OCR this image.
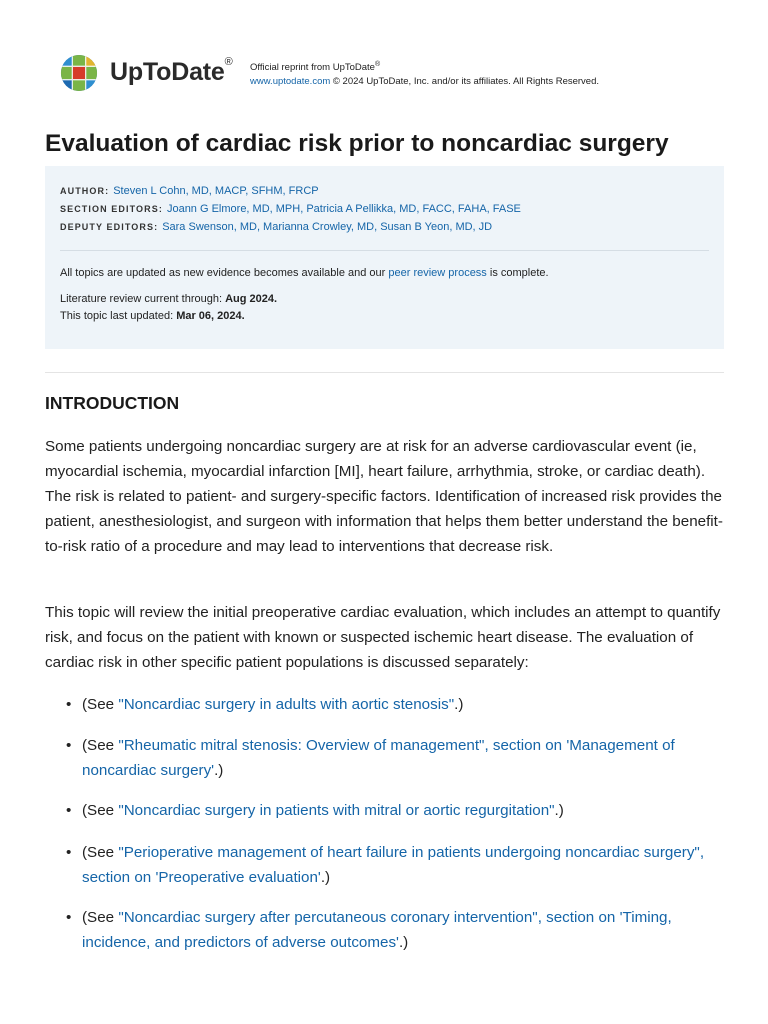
UpToDate® Official reprint from UpToDate®
www.uptodate.com © 2024 UpToDate, Inc. and/or its affiliates. All Rights Reserved.
Evaluation of cardiac risk prior to noncardiac surgery
AUTHOR: Steven L Cohn, MD, MACP, SFHM, FRCP
SECTION EDITORS: Joann G Elmore, MD, MPH, Patricia A Pellikka, MD, FACC, FAHA, FASE
DEPUTY EDITORS: Sara Swenson, MD, Marianna Crowley, MD, Susan B Yeon, MD, JD
All topics are updated as new evidence becomes available and our peer review process is complete.
Literature review current through: Aug 2024.
This topic last updated: Mar 06, 2024.
INTRODUCTION

Some patients undergoing noncardiac surgery are at risk for an adverse cardiovascular event (ie, myocardial ischemia, myocardial infarction [MI], heart failure, arrhythmia, stroke, or cardiac death). The risk is related to patient- and surgery-specific factors. Identification of increased risk provides the patient, anesthesiologist, and surgeon with information that helps them better understand the benefit-to-risk ratio of a procedure and may lead to interventions that decrease risk.

This topic will review the initial preoperative cardiac evaluation, which includes an attempt to quantify risk, and focus on the patient with known or suspected ischemic heart disease. The evaluation of cardiac risk in other specific patient populations is discussed separately:

• (See "Noncardiac surgery in adults with aortic stenosis".)
• (See "Rheumatic mitral stenosis: Overview of management", section on 'Management of noncardiac surgery'.)
• (See "Noncardiac surgery in patients with mitral or aortic regurgitation".)
• (See "Perioperative management of heart failure in patients undergoing noncardiac surgery", section on 'Preoperative evaluation'.)
• (See "Noncardiac surgery after percutaneous coronary intervention", section on 'Timing, incidence, and predictors of adverse outcomes'.)
